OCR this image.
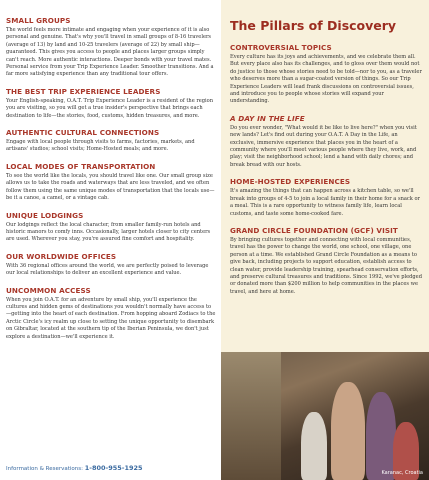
SMALL GROUPS

The world feels more intimate and engaging when your experience of it is also personal and genuine. That's why you'll travel in small groups of 8-16 travelers (average of 13) by land and 10-25 travelers (average of 22) by small ship—guaranteed. This gives you access to people and places larger groups simply can't reach. More authentic interactions. Deeper bonds with your travel mates. Personal service from your Trip Experience Leader. Smoother transitions. And a far more satisfying experience than any traditional tour offers.

THE BEST TRIP EXPERIENCE LEADERS

Your English-speaking, O.A.T. Trip Experience Leader is a resident of the region you are visiting, so you will get a true insider's perspective that brings each destination to life—the stories, food, customs, hidden treasures, and more.

AUTHENTIC CULTURAL CONNECTIONS

Engage with local people through visits to farms, factories, markets, and artisans' studios; school visits; Home-Hosted meals; and more.

LOCAL MODES OF TRANSPORTATION

To see the world like the locals, you should travel like one. Our small group size allows us to take the roads and waterways that are less traveled, and we often follow them using the same unique modes of transportation that the locals use—be it a canoe, a camel, or a vintage cab.

UNIQUE LODGINGS

Our lodgings reflect the local character, from smaller family-run hotels and historic manors to comfy inns. Occasionally, larger hotels closer to city centers are used. Wherever you stay, you're assured fine comfort and hospitality.

OUR WORLDWIDE OFFICES

With 36 regional offices around the world, we are perfectly poised to leverage our local relationships to deliver an excellent experience and value.

UNCOMMON ACCESS

When you join O.A.T. for an adventure by small ship, you'll experience the cultures and hidden gems of destinations you wouldn't normally have access to—getting into the heart of each destination. From hopping aboard Zodiacs to the Arctic Circle's icy realm up close to setting the unique opportunity to disembark on Gibraltar, located at the southern tip of the Iberian Peninsula, we don't just explore a destination—we'll experience it.

Information & Reservations: 1-800-955-1925
The Pillars of Discovery
CONTROVERSIAL TOPICS

Every culture has its joys and achievements, and we celebrate them all. But every place also has its challenges, and to gloss over them would not do justice to those whose stories need to be told—nor to you, as a traveler who deserves more than a sugar-coated version of things. So our Trip Experience Leaders will lead frank discussions on controversial issues, and introduce you to people whose stories will expand your understanding.

A DAY IN THE LIFE

Do you ever wonder, "What would it be like to live here?" when you visit new lands? Let's find out during your O.A.T. A Day in the Life, an exclusive, immersive experience that places you in the heart of a community where you'll meet various people where they live, work, and play; visit the neighborhood school; lend a hand with daily chores; and break bread with our hosts.

HOME-HOSTED EXPERIENCES

It's amazing the things that can happen across a kitchen table, so we'll break into groups of 4-5 to join a local family in their home for a snack or a meal. This is a rare opportunity to witness family life, learn local customs, and taste some home-cooked fare.

GRAND CIRCLE FOUNDATION (GCF) VISIT

By bringing cultures together and connecting with local communities, travel has the power to change the world, one school, one village, one person at a time. We established Grand Circle Foundation as a means to give back, including projects to support education, establish access to clean water, provide leadership training, spearhead conservation efforts, and preserve cultural treasures and traditions. Since 1992, we've pledged or donated more than $200 million to help communities in the places we travel, and here at home.

Karanac, Croatia
